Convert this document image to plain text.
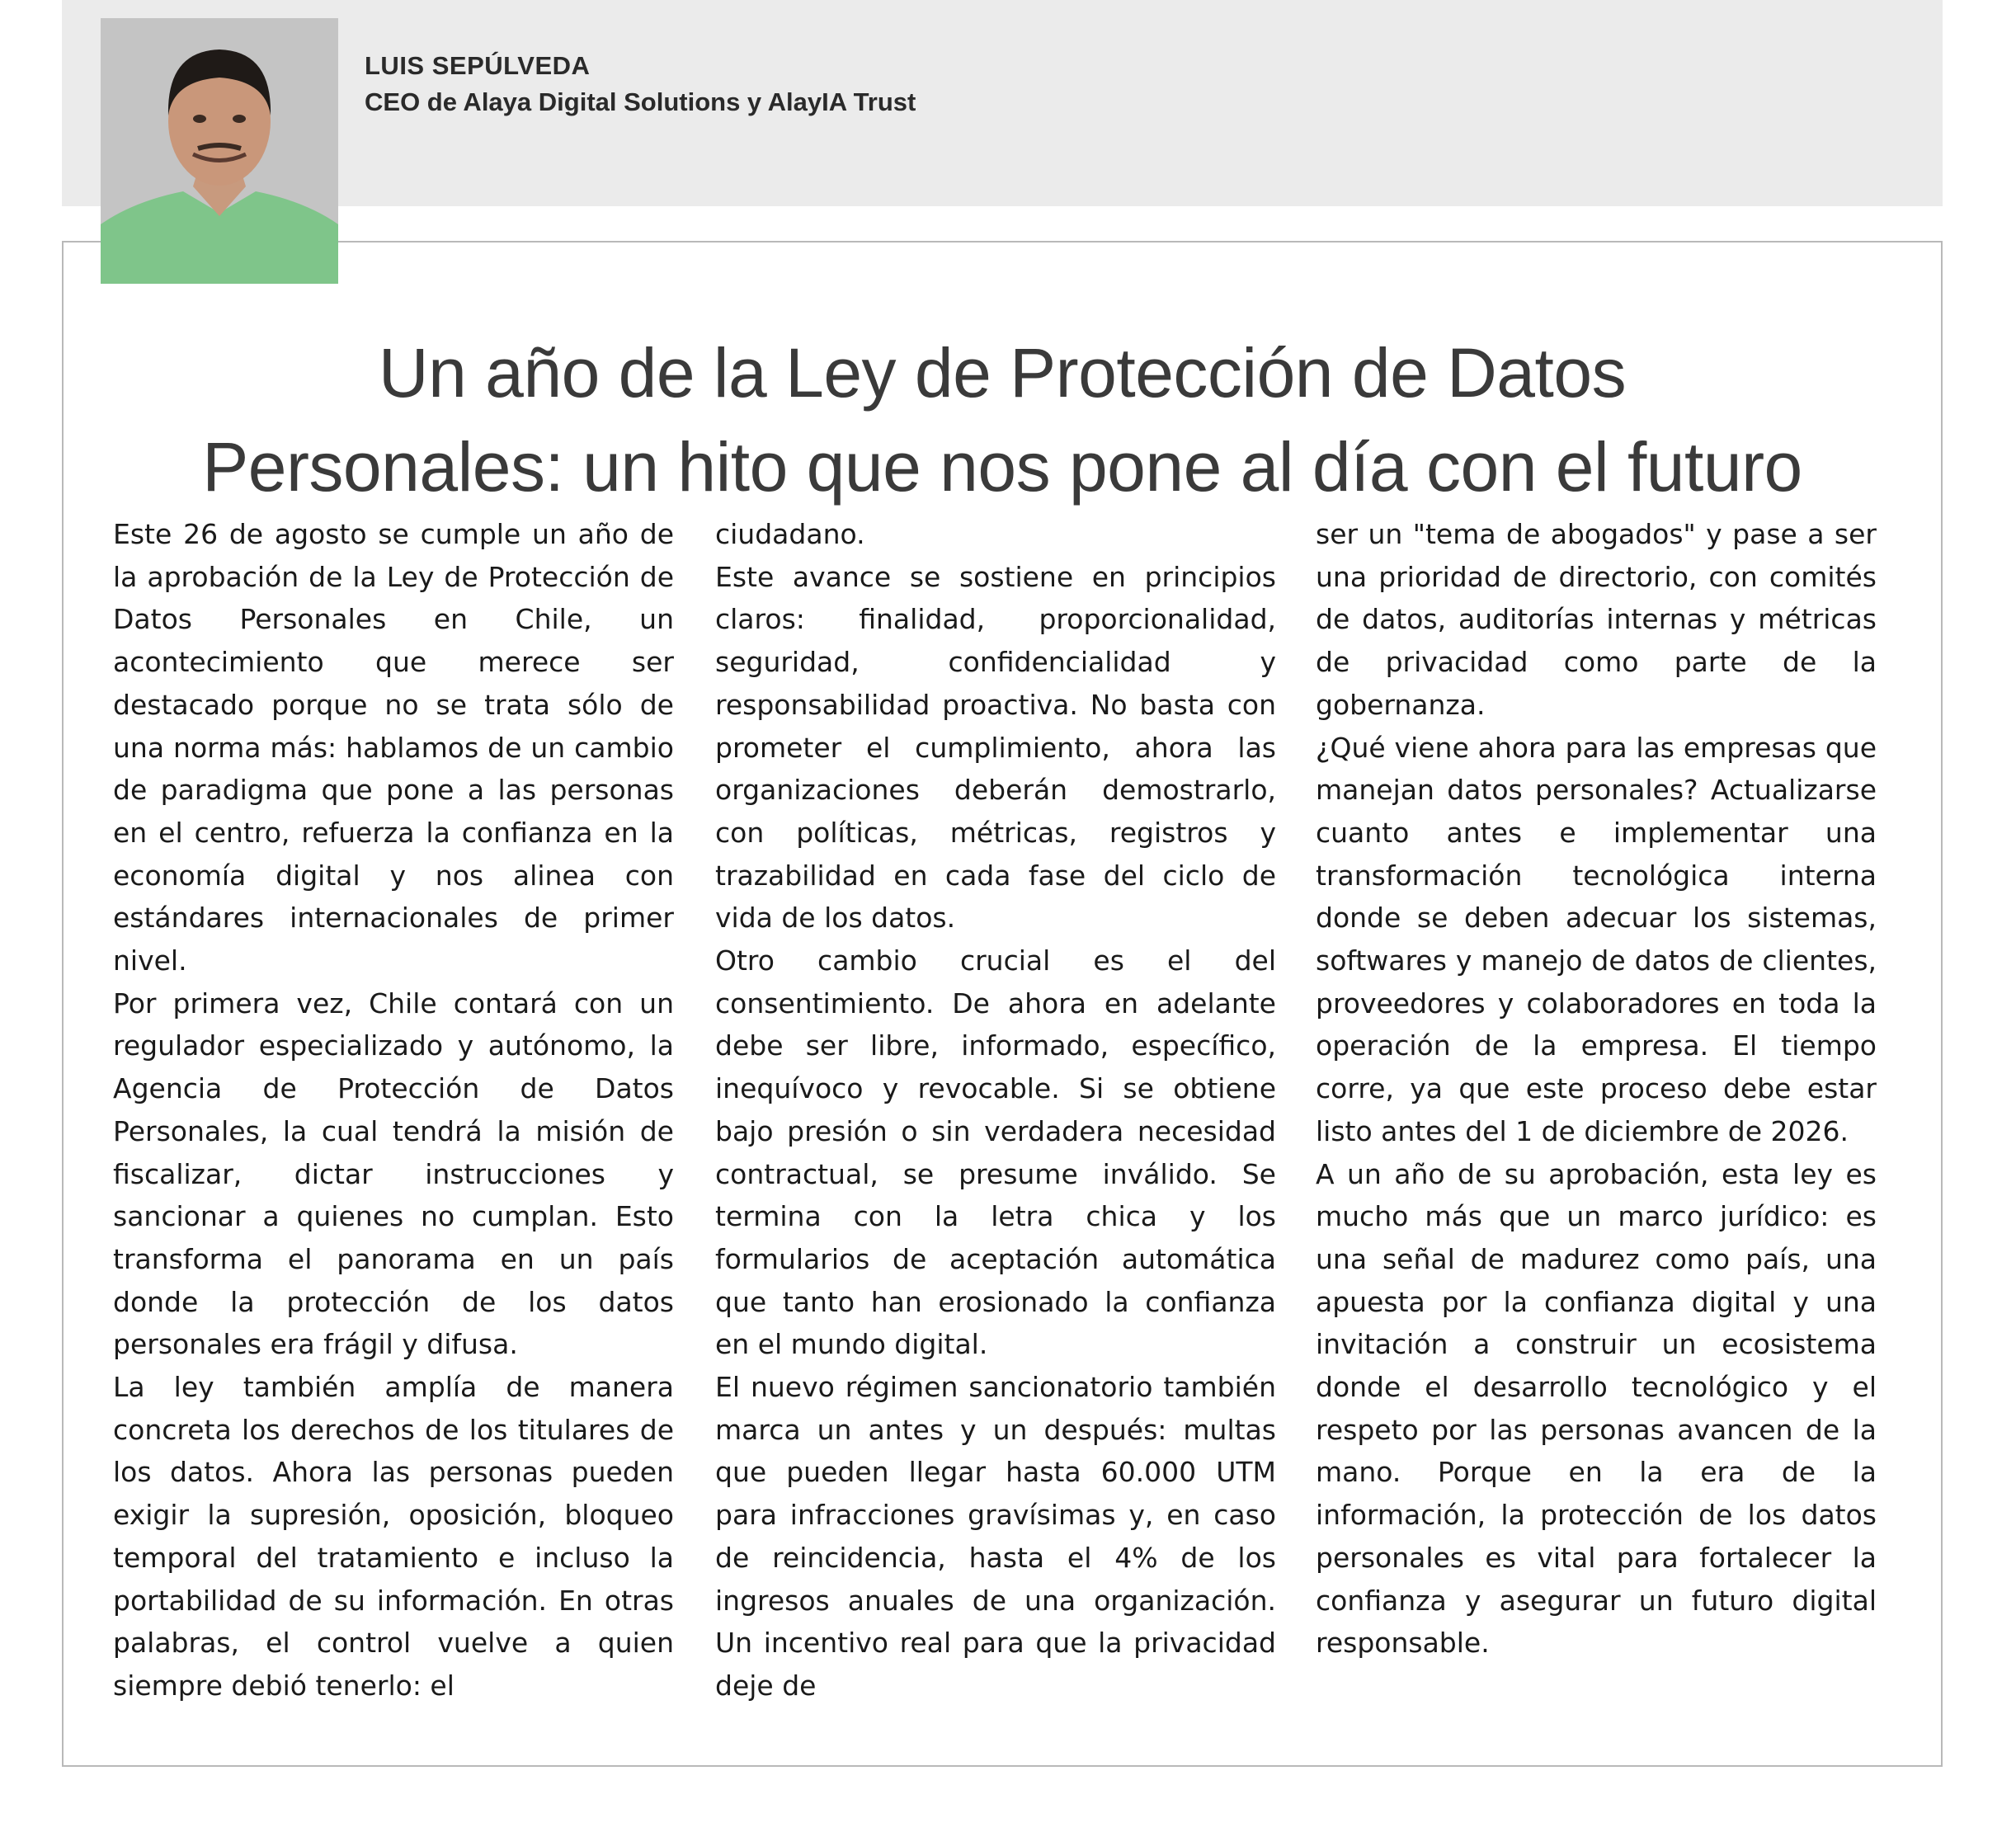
LUIS SEPÚLVEDA
CEO de Alaya Digital Solutions y AlayIA Trust
Un año de la Ley de Protección de Datos
Personales: un hito que nos pone al día con el futuro

Este 26 de agosto se cumple un año de la aprobación de la Ley de Protección de Datos Personales en Chile, un acontecimiento que merece ser destacado porque no se trata sólo de una norma más: hablamos de un cambio de paradigma que pone a las personas en el centro, refuerza la confianza en la economía digital y nos alinea con estándares internacionales de primer nivel.

Por primera vez, Chile contará con un regulador especializado y autónomo, la Agencia de Protección de Datos Personales, la cual tendrá la misión de fiscalizar, dictar instrucciones y sancionar a quienes no cumplan. Esto transforma el panorama en un país donde la protección de los datos personales era frágil y difusa.

La ley también amplía de manera concreta los derechos de los titulares de los datos. Ahora las personas pueden exigir la supresión, oposición, bloqueo temporal del tratamiento e incluso la portabilidad de su información. En otras palabras, el control vuelve a quien siempre debió tenerlo: el

ciudadano.

Este avance se sostiene en principios claros: finalidad, proporcionalidad, seguridad, confidencialidad y responsabilidad proactiva. No basta con prometer el cumplimiento, ahora las organizaciones deberán demostrarlo, con políticas, métricas, registros y trazabilidad en cada fase del ciclo de vida de los datos.

Otro cambio crucial es el del consentimiento. De ahora en adelante debe ser libre, informado, específico, inequívoco y revocable. Si se obtiene bajo presión o sin verdadera necesidad contractual, se presume inválido. Se termina con la letra chica y los formularios de aceptación automática que tanto han erosionado la confianza en el mundo digital.

El nuevo régimen sancionatorio también marca un antes y un después: multas que pueden llegar hasta 60.000 UTM para infracciones gravísimas y, en caso de reincidencia, hasta el 4% de los ingresos anuales de una organización. Un incentivo real para que la privacidad deje de

ser un "tema de abogados" y pase a ser una prioridad de directorio, con comités de datos, auditorías internas y métricas de privacidad como parte de la gobernanza.

¿Qué viene ahora para las empresas que manejan datos personales? Actualizarse cuanto antes e implementar una transformación tecnológica interna donde se deben adecuar los sistemas, softwares y manejo de datos de clientes, proveedores y colaboradores en toda la operación de la empresa. El tiempo corre, ya que este proceso debe estar listo antes del 1 de diciembre de 2026.

A un año de su aprobación, esta ley es mucho más que un marco jurídico: es una señal de madurez como país, una apuesta por la confianza digital y una invitación a construir un ecosistema donde el desarrollo tecnológico y el respeto por las personas avancen de la mano. Porque en la era de la información, la protección de los datos personales es vital para fortalecer la confianza y asegurar un futuro digital responsable.
